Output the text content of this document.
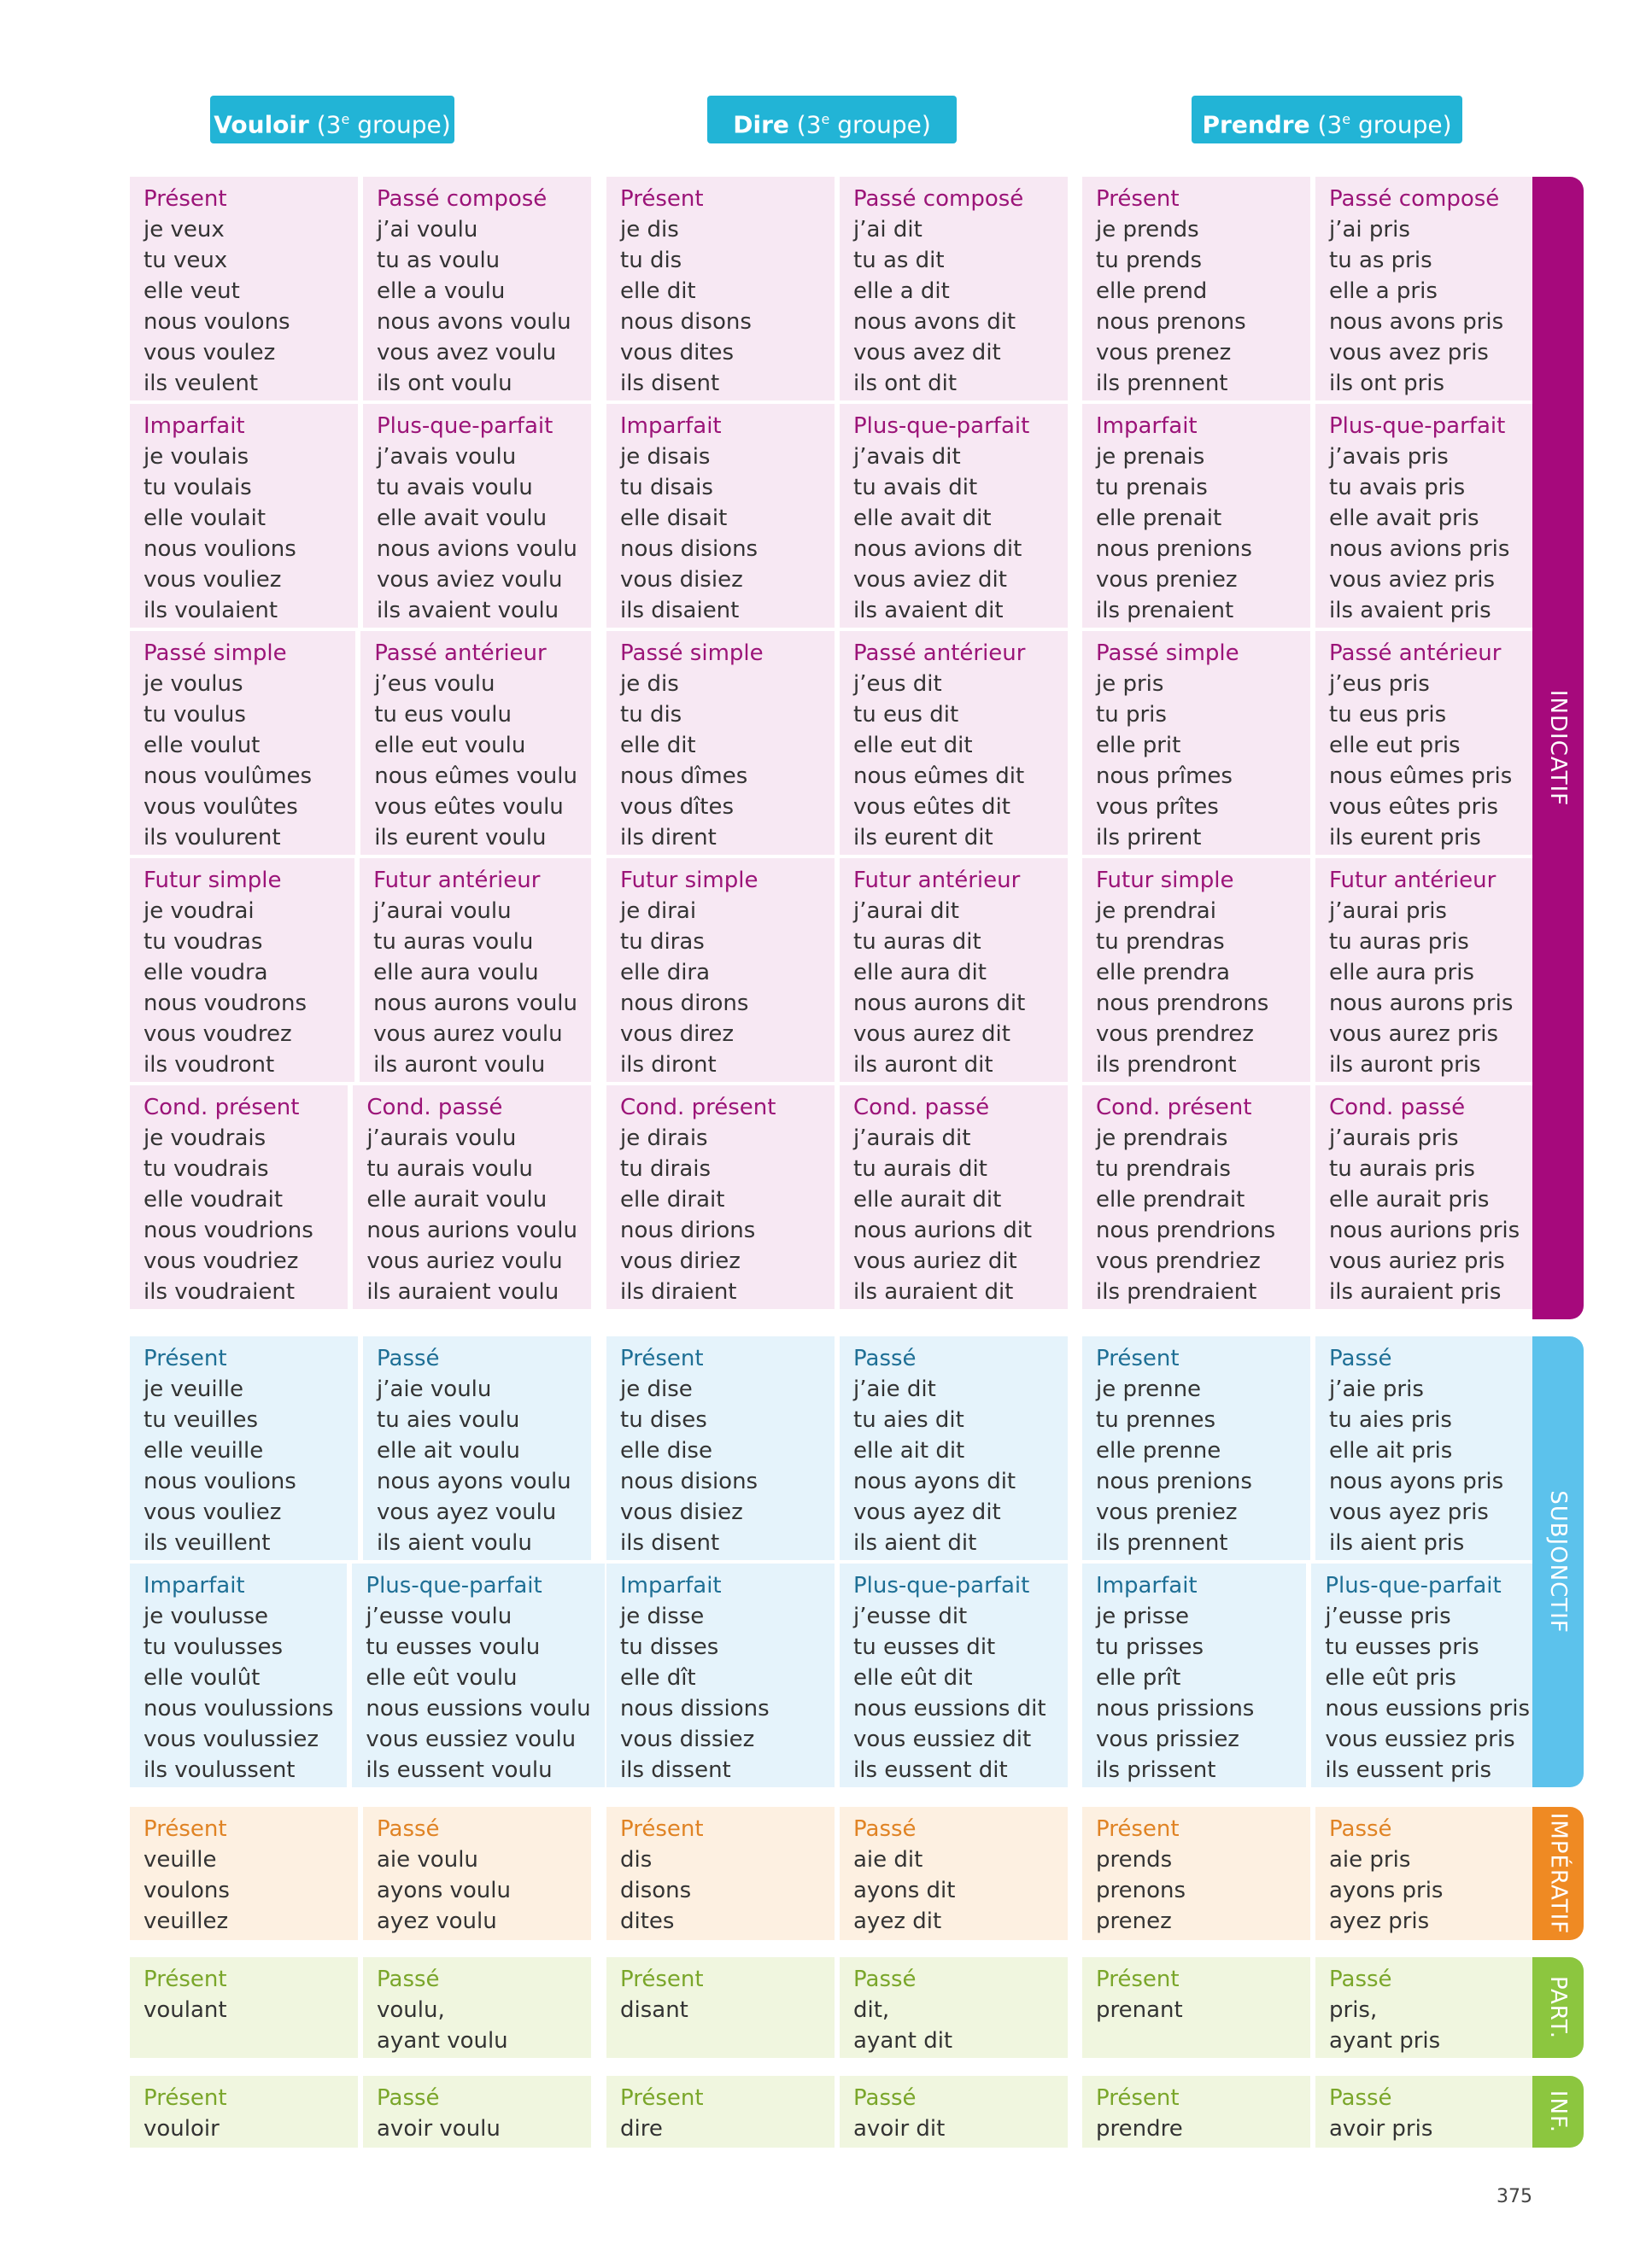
Vouloir (3e groupe)
Présent
je veux
tu veux
elle veut
nous voulons
vous voulez
ils veulent
Passé composé
j’ai voulu
tu as voulu
elle a voulu
nous avons voulu
vous avez voulu
ils ont voulu
Imparfait
je voulais
tu voulais
elle voulait
nous voulions
vous vouliez
ils voulaient
Plus-que-parfait
j’avais voulu
tu avais voulu
elle avait voulu
nous avions voulu
vous aviez voulu
ils avaient voulu
Passé simple
je voulus
tu voulus
elle voulut
nous voulûmes
vous voulûtes
ils voulurent
Passé antérieur
j’eus voulu
tu eus voulu
elle eut voulu
nous eûmes voulu
vous eûtes voulu
ils eurent voulu
Futur simple
je voudrai
tu voudras
elle voudra
nous voudrons
vous voudrez
ils voudront
Futur antérieur
j’aurai voulu
tu auras voulu
elle aura voulu
nous aurons voulu
vous aurez voulu
ils auront voulu
Cond. présent
je voudrais
tu voudrais
elle voudrait
nous voudrions
vous voudriez
ils voudraient
Cond. passé
j’aurais voulu
tu aurais voulu
elle aurait voulu
nous aurions voulu
vous auriez voulu
ils auraient voulu
Présent
je veuille
tu veuilles
elle veuille
nous voulions
vous vouliez
ils veuillent
Passé
j’aie voulu
tu aies voulu
elle ait voulu
nous ayons voulu
vous ayez voulu
ils aient voulu
Imparfait
je voulusse
tu voulusses
elle voulût
nous voulussions
vous voulussiez
ils voulussent
Plus-que-parfait
j’eusse voulu
tu eusses voulu
elle eût voulu
nous eussions voulu
vous eussiez voulu
ils eussent voulu
Présent
veuille
voulons
veuillez
Passé
aie voulu
ayons voulu
ayez voulu
Présent
voulant
Passé
voulu,
ayant voulu
Présent
vouloir
Passé
avoir voulu
Dire (3e groupe)
Présent
je dis
tu dis
elle dit
nous disons
vous dites
ils disent
Passé composé
j’ai dit
tu as dit
elle a dit
nous avons dit
vous avez dit
ils ont dit
Imparfait
je disais
tu disais
elle disait
nous disions
vous disiez
ils disaient
Plus-que-parfait
j’avais dit
tu avais dit
elle avait dit
nous avions dit
vous aviez dit
ils avaient dit
Passé simple
je dis
tu dis
elle dit
nous dîmes
vous dîtes
ils dirent
Passé antérieur
j’eus dit
tu eus dit
elle eut dit
nous eûmes dit
vous eûtes dit
ils eurent dit
Futur simple
je dirai
tu diras
elle dira
nous dirons
vous direz
ils diront
Futur antérieur
j’aurai dit
tu auras dit
elle aura dit
nous aurons dit
vous aurez dit
ils auront dit
Cond. présent
je dirais
tu dirais
elle dirait
nous dirions
vous diriez
ils diraient
Cond. passé
j’aurais dit
tu aurais dit
elle aurait dit
nous aurions dit
vous auriez dit
ils auraient dit
Présent
je dise
tu dises
elle dise
nous disions
vous disiez
ils disent
Passé
j’aie dit
tu aies dit
elle ait dit
nous ayons dit
vous ayez dit
ils aient dit
Imparfait
je disse
tu disses
elle dît
nous dissions
vous dissiez
ils dissent
Plus-que-parfait
j’eusse dit
tu eusses dit
elle eût dit
nous eussions dit
vous eussiez dit
ils eussent dit
Présent
dis
disons
dites
Passé
aie dit
ayons dit
ayez dit
Présent
disant
Passé
dit,
ayant dit
Présent
dire
Passé
avoir dit
Prendre (3e groupe)
Présent
je prends
tu prends
elle prend
nous prenons
vous prenez
ils prennent
Passé composé
j’ai pris
tu as pris
elle a pris
nous avons pris
vous avez pris
ils ont pris
Imparfait
je prenais
tu prenais
elle prenait
nous prenions
vous preniez
ils prenaient
Plus-que-parfait
j’avais pris
tu avais pris
elle avait pris
nous avions pris
vous aviez pris
ils avaient pris
Passé simple
je pris
tu pris
elle prit
nous prîmes
vous prîtes
ils prirent
Passé antérieur
j’eus pris
tu eus pris
elle eut pris
nous eûmes pris
vous eûtes pris
ils eurent pris
Futur simple
je prendrai
tu prendras
elle prendra
nous prendrons
vous prendrez
ils prendront
Futur antérieur
j’aurai pris
tu auras pris
elle aura pris
nous aurons pris
vous aurez pris
ils auront pris
Cond. présent
je prendrais
tu prendrais
elle prendrait
nous prendrions
vous prendriez
ils prendraient
Cond. passé
j’aurais pris
tu aurais pris
elle aurait pris
nous aurions pris
vous auriez pris
ils auraient pris
Présent
je prenne
tu prennes
elle prenne
nous prenions
vous preniez
ils prennent
Passé
j’aie pris
tu aies pris
elle ait pris
nous ayons pris
vous ayez pris
ils aient pris
Imparfait
je prisse
tu prisses
elle prît
nous prissions
vous prissiez
ils prissent
Plus-que-parfait
j’eusse pris
tu eusses pris
elle eût pris
nous eussions pris
vous eussiez pris
ils eussent pris
Présent
prends
prenons
prenez
Passé
aie pris
ayons pris
ayez pris
Présent
prenant
Passé
pris,
ayant pris
Présent
prendre
Passé
avoir pris
INDICATIF
SUBJONCTIF
IMPÉRATIF
PART.
INF.
375
